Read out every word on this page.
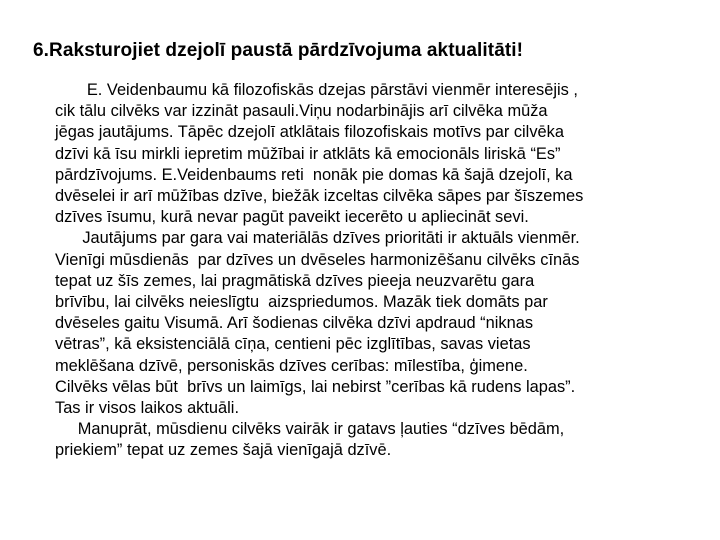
6.Raksturojiet dzejolī paustā pārdzīvojuma aktualitāti!
E. Veidenbaumu kā filozofiskās dzejas pārstāvi vienmēr interesējis ,
cik tālu cilvēks var izzināt pasauli.Viņu nodarbinājis arī cilvēka mūža
jēgas jautājums. Tāpēc dzejolī atklātais filozofiskais motīvs par cilvēka
dzīvi kā īsu mirkli iepretim mūžībai ir atklāts kā emocionāls liriskā “Es”
pārdzīvojums. E.Veidenbaums reti  nonāk pie domas kā šajā dzejolī, ka
dvēselei ir arī mūžības dzīve, biežāk izceltas cilvēka sāpes par šīszemes
dzīves īsumu, kurā nevar pagūt paveikt iecerēto u apliecināt sevi.
Jautājums par gara vai materiālās dzīves prioritāti ir aktuāls vienmēr.
Vienīgi mūsdienās  par dzīves un dvēseles harmonizēšanu cilvēks cīnās
tepat uz šīs zemes, lai pragmātiskā dzīves pieeja neuzvarētu gara
brīvību, lai cilvēks neieslīgtu  aizspriedumos. Mazāk tiek domāts par
dvēseles gaitu Visumā. Arī šodienas cilvēka dzīvi apdraud “niknas
vētras”, kā eksistenciālā cīņa, centieni pēc izglītības, savas vietas
meklēšana dzīvē, personiskās dzīves cerības: mīlestība, ģimene.
Cilvēks vēlas būt  brīvs un laimīgs, lai nebirst ”cerības kā rudens lapas”.
Tas ir visos laikos aktuāli.
Manuprāt, mūsdienu cilvēks vairāk ir gatavs ļauties “dzīves bēdām,
priekiem” tepat uz zemes šajā vienīgajā dzīvē.
